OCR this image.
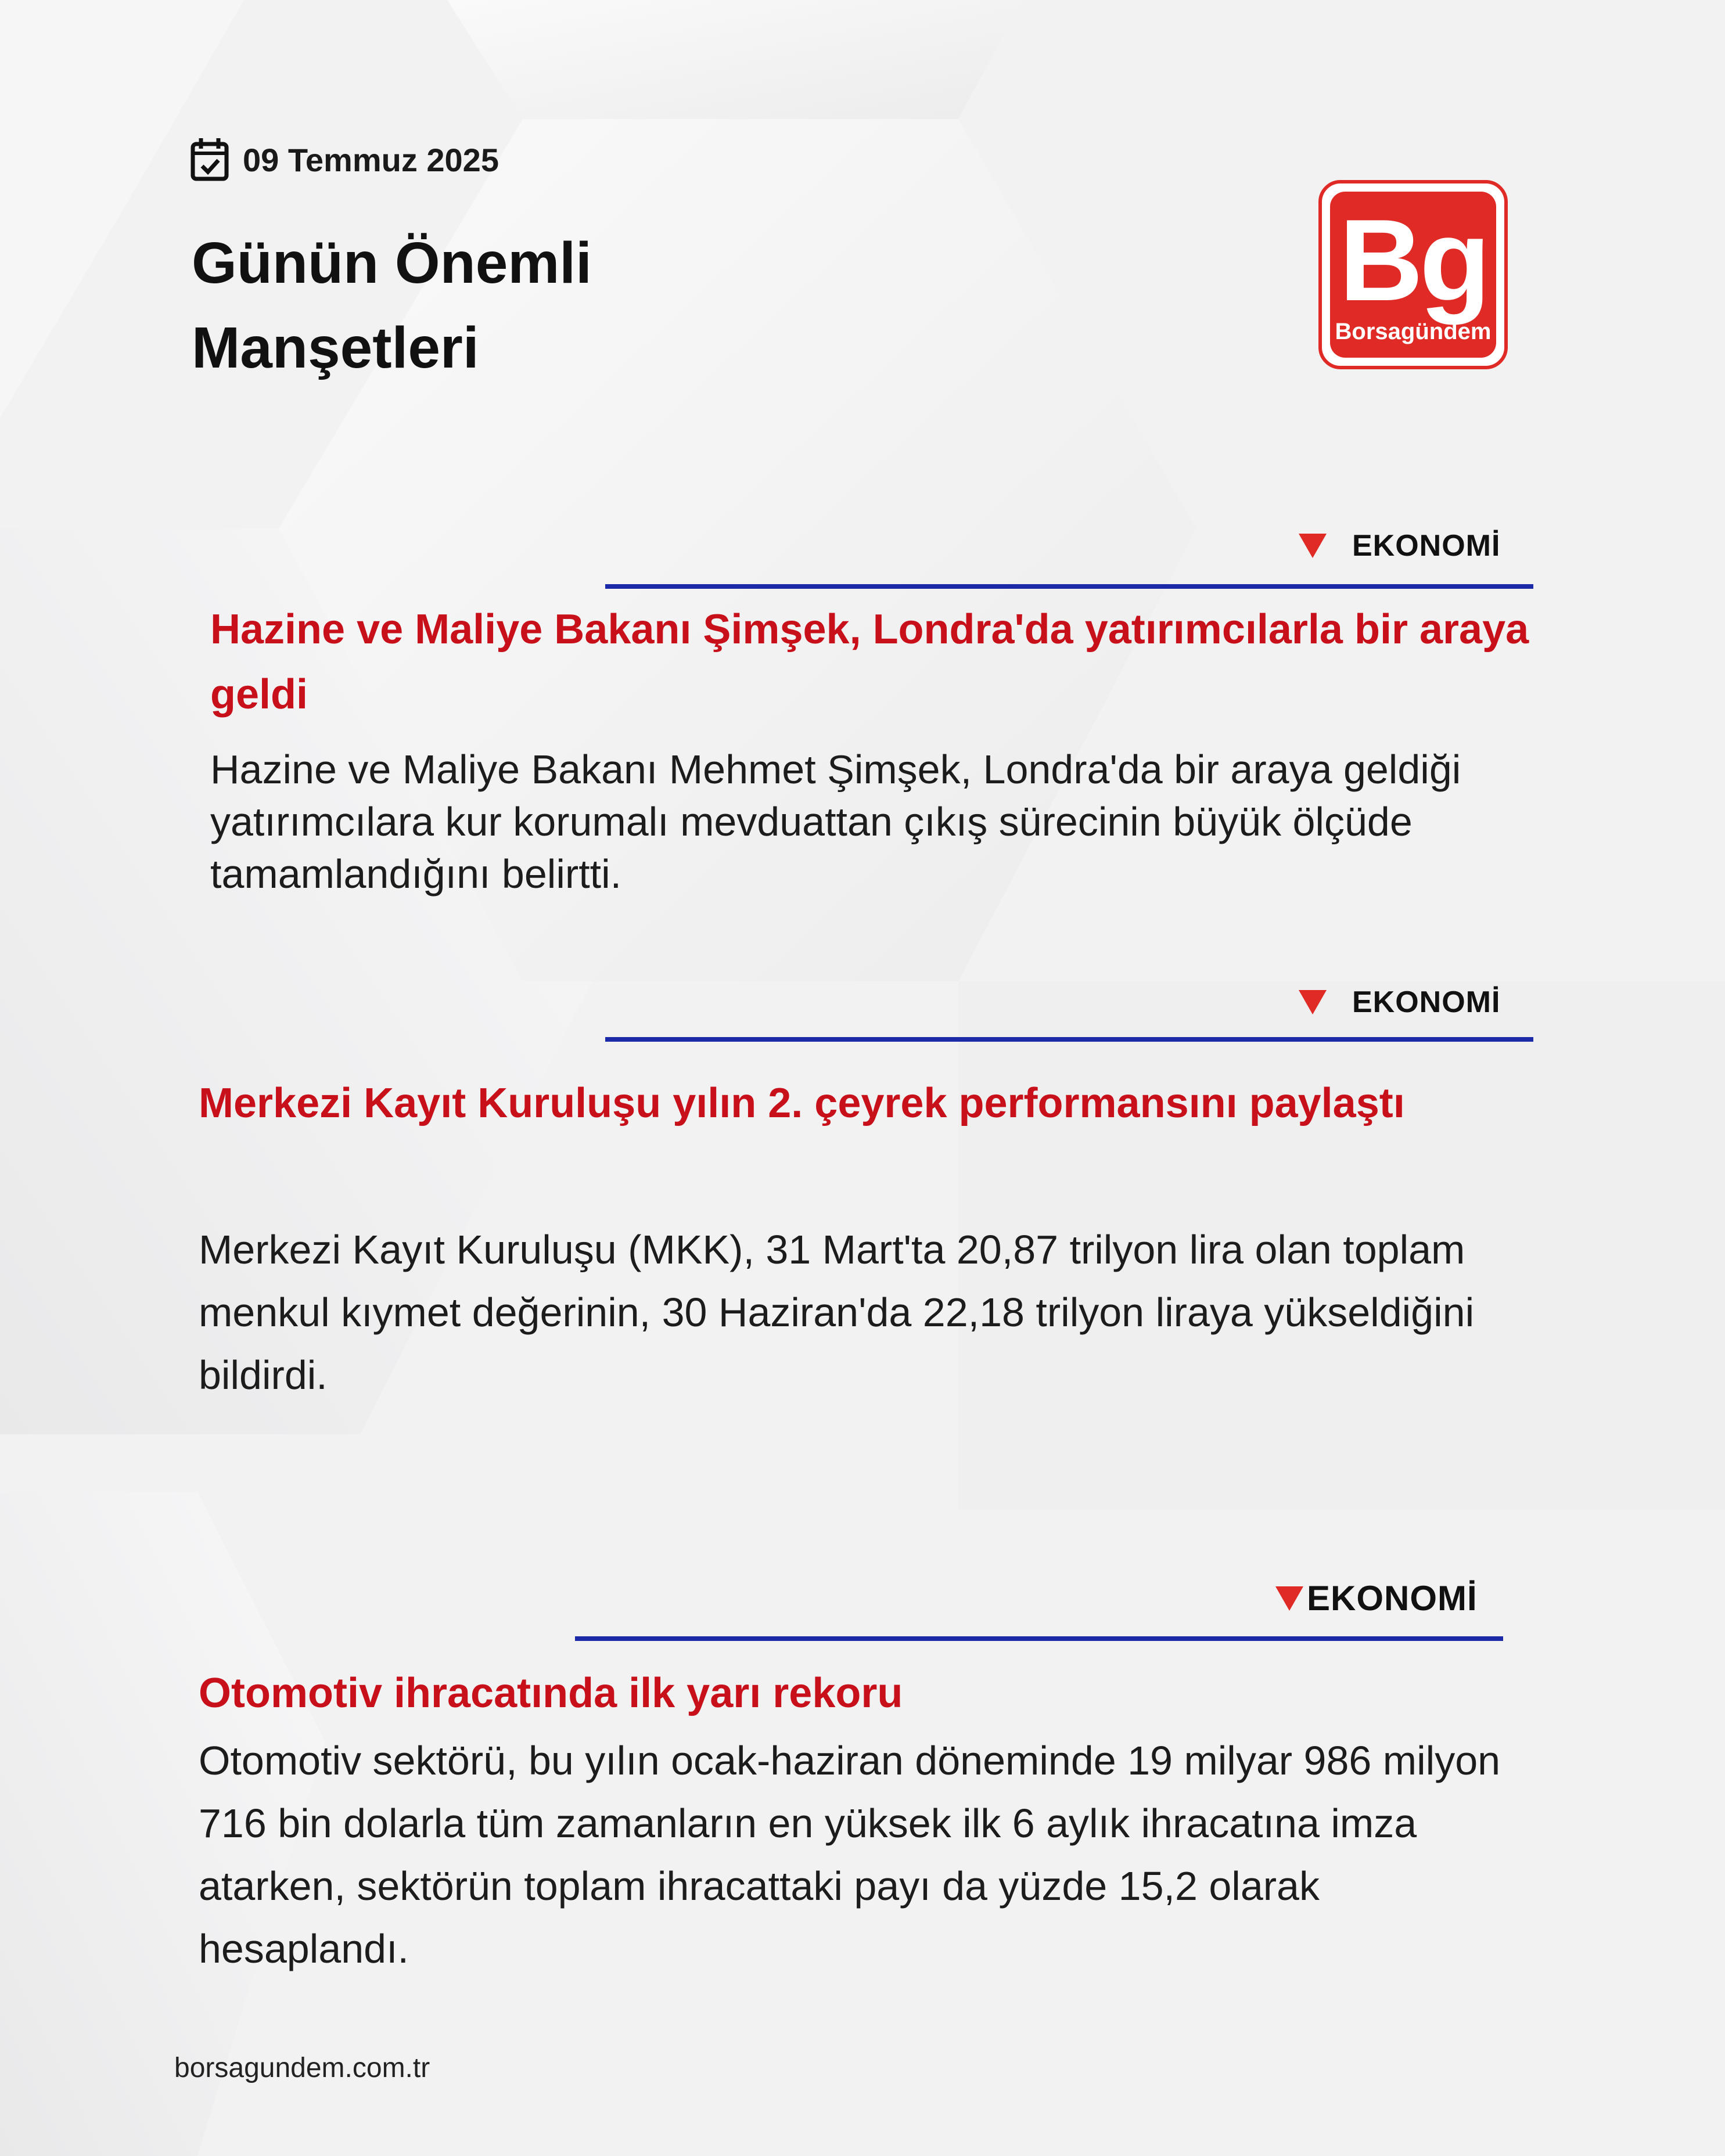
09 Temmuz 2025
Günün Önemli Manşetleri
Bg
Borsagündem
EKONOMİ
Hazine ve Maliye Bakanı Şimşek, Londra'da yatırımcılarla bir araya geldi
Hazine ve Maliye Bakanı Mehmet Şimşek, Londra'da bir araya geldiği yatırımcılara kur korumalı mevduattan çıkış sürecinin büyük ölçüde tamamlandığını belirtti.
EKONOMİ
Merkezi Kayıt Kuruluşu yılın 2. çeyrek performansını paylaştı
Merkezi Kayıt Kuruluşu (MKK), 31 Mart'ta 20,87 trilyon lira olan toplam menkul kıymet değerinin, 30 Haziran'da 22,18 trilyon liraya yükseldiğini bildirdi.
EKONOMİ
Otomotiv ihracatında ilk yarı rekoru
Otomotiv sektörü, bu yılın ocak-haziran döneminde 19 milyar 986 milyon 716 bin dolarla tüm zamanların en yüksek ilk 6 aylık ihracatına imza atarken, sektörün toplam ihracattaki payı da yüzde 15,2 olarak hesaplandı.
borsagundem.com.tr
